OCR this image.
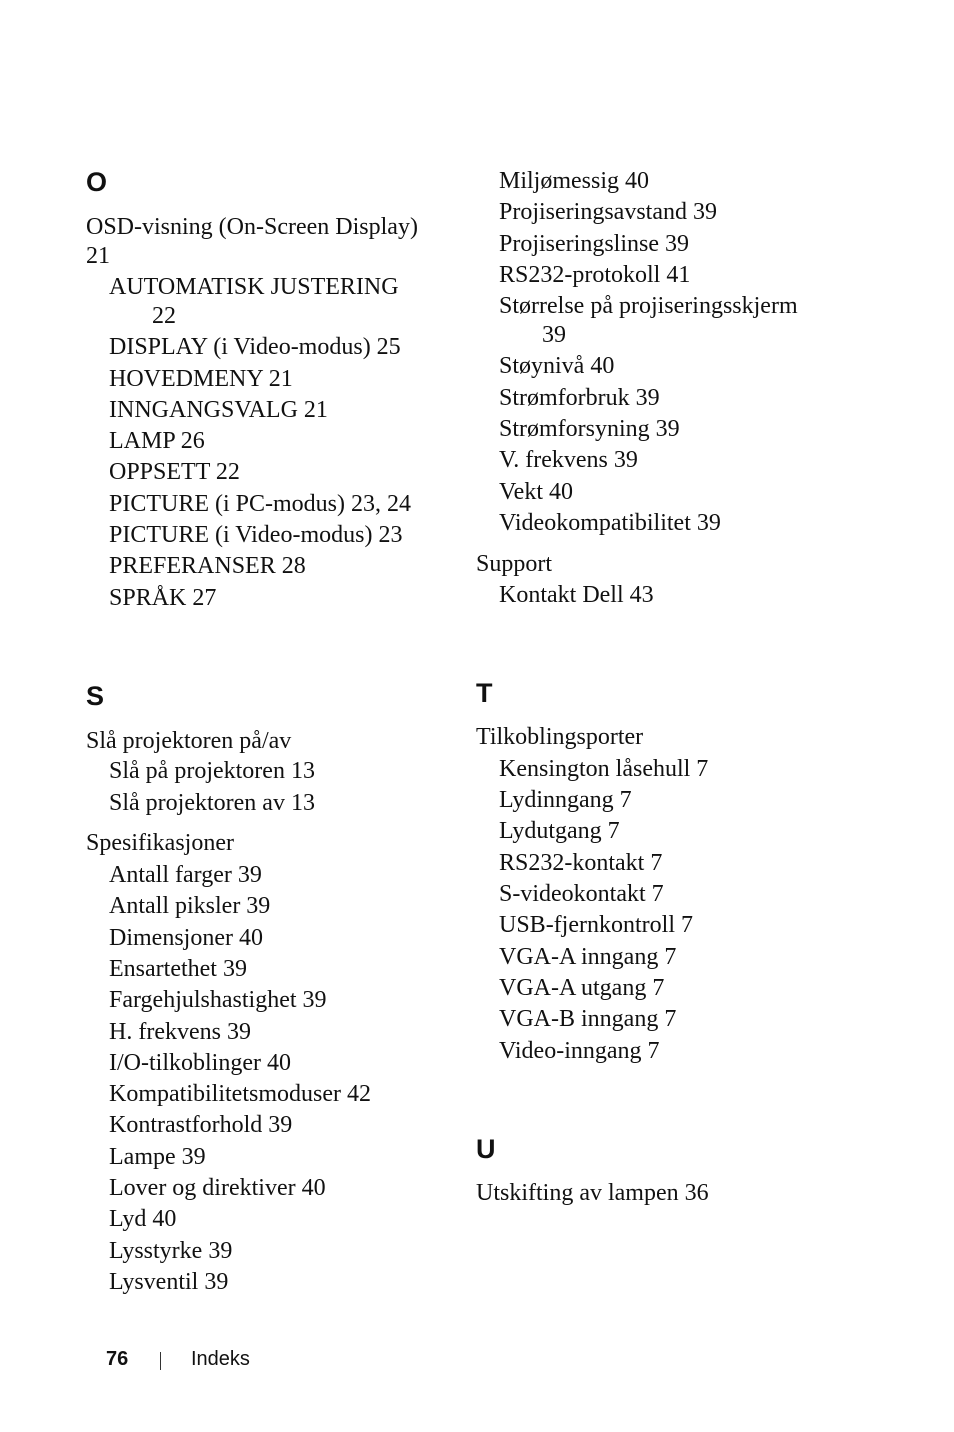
O
OSD-visning (On-Screen Display)
21
AUTOMATISK JUSTERING
22
DISPLAY (i Video-modus) 25
HOVEDMENY 21
INNGANGSVALG 21
LAMP 26
OPPSETT 22
PICTURE (i PC-modus) 23, 24
PICTURE (i Video-modus) 23
PREFERANSER 28
SPRÅK 27
S
Slå projektoren på/av
Slå på projektoren 13
Slå projektoren av 13
Spesifikasjoner
Antall farger 39
Antall piksler 39
Dimensjoner 40
Ensartethet 39
Fargehjulshastighet 39
H. frekvens 39
I/O-tilkoblinger 40
Kompatibilitetsmoduser 42
Kontrastforhold 39
Lampe 39
Lover og direktiver 40
Lyd 40
Lysstyrke 39
Lysventil 39
Miljømessig 40
Projiseringsavstand 39
Projiseringslinse 39
RS232-protokoll 41
Størrelse på projiseringsskjerm
39
Støynivå 40
Strømforbruk 39
Strømforsyning 39
V. frekvens 39
Vekt 40
Videokompatibilitet 39
Support
Kontakt Dell 43
T
Tilkoblingsporter
Kensington låsehull 7
Lydinngang 7
Lydutgang 7
RS232-kontakt 7
S-videokontakt 7
USB-fjernkontroll 7
VGA-A inngang 7
VGA-A utgang 7
VGA-B inngang 7
Video-inngang 7
U
Utskifting av lampen 36
76	Indeks
